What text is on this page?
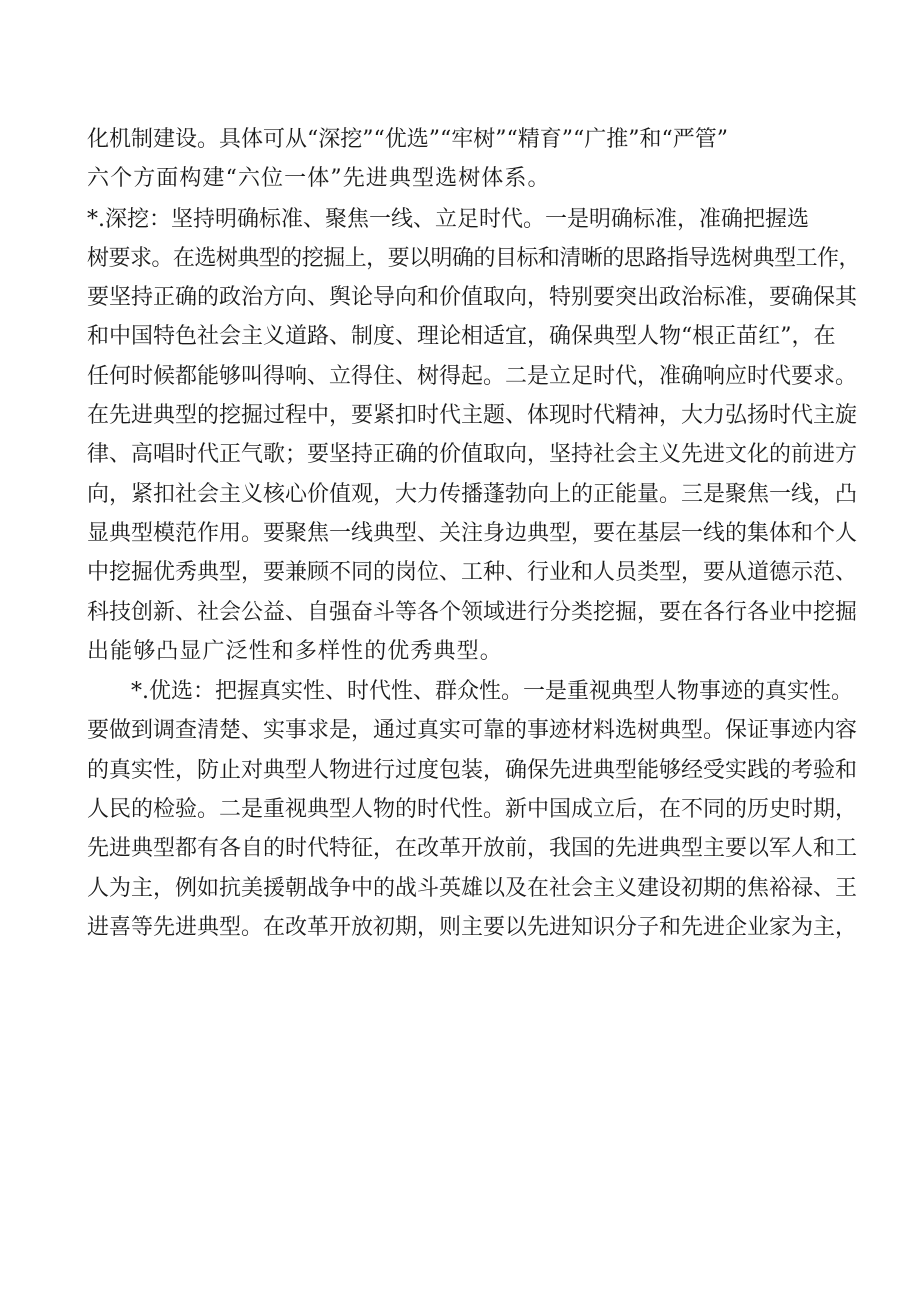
化机制建设。具体可从“深挖”“优选”“牢树”“精育”“广推”和“严管”
六个方面构建“六位一体”先进典型选树体系。

*.深挖：坚持明确标准、聚焦一线、立足时代。一是明确标准，准确把握选
树要求。在选树典型的挖掘上，要以明确的目标和清晰的思路指导选树典型工作，
要坚持正确的政治方向、舆论导向和价值取向，特别要突出政治标准，要确保其
和中国特色社会主义道路、制度、理论相适宜，确保典型人物“根正苗红”，在
任何时候都能够叫得响、立得住、树得起。二是立足时代，准确响应时代要求。
在先进典型的挖掘过程中，要紧扣时代主题、体现时代精神，大力弘扬时代主旋
律、高唱时代正气歌；要坚持正确的价值取向，坚持社会主义先进文化的前进方
向，紧扣社会主义核心价值观，大力传播蓬勃向上的正能量。三是聚焦一线，凸
显典型模范作用。要聚焦一线典型、关注身边典型，要在基层一线的集体和个人
中挖掘优秀典型，要兼顾不同的岗位、工种、行业和人员类型，要从道德示范、
科技创新、社会公益、自强奋斗等各个领域进行分类挖掘，要在各行各业中挖掘
出能够凸显广泛性和多样性的优秀典型。

*.优选：把握真实性、时代性、群众性。一是重视典型人物事迹的真实性。
要做到调查清楚、实事求是，通过真实可靠的事迹材料选树典型。保证事迹内容
的真实性，防止对典型人物进行过度包装，确保先进典型能够经受实践的考验和
人民的检验。二是重视典型人物的时代性。新中国成立后，在不同的历史时期，
先进典型都有各自的时代特征，在改革开放前，我国的先进典型主要以军人和工
人为主，例如抗美援朝战争中的战斗英雄以及在社会主义建设初期的焦裕禄、王
进喜等先进典型。在改革开放初期，则主要以先进知识分子和先进企业家为主，
